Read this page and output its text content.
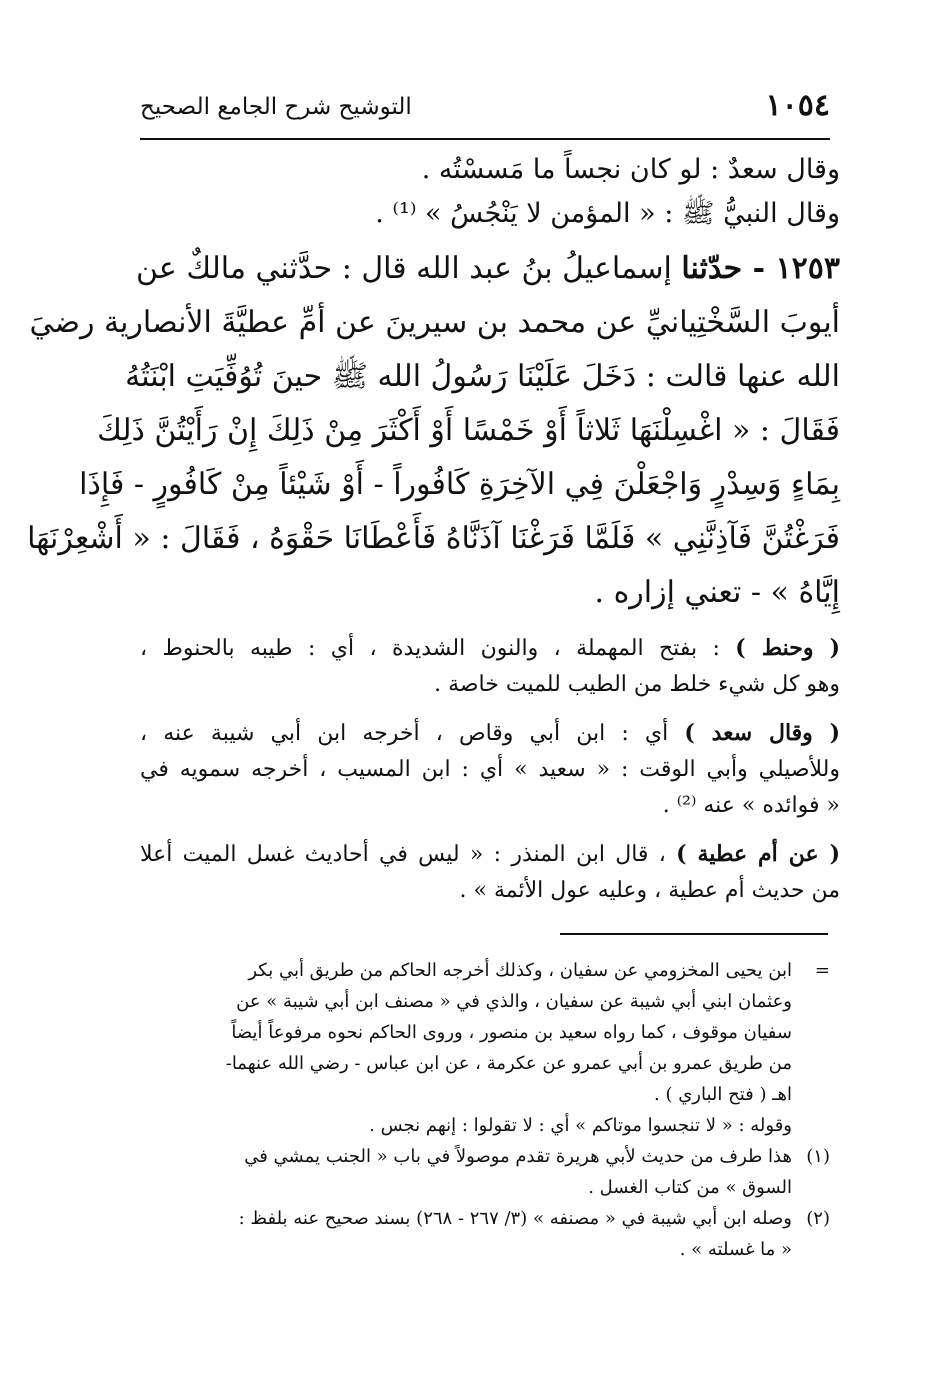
التوشيح شرح الجامع الصحيح	١٠٥٤
وقال سعدٌ : لو كان نجساً ما مَسسْتُه .
وقال النبيُّ ﷺ : « المؤمن لا يَنْجُسُ » ⁽¹⁾ .
١٢٥٣ - حدّثنا إسماعيلُ بنُ عبد الله قال : حدَّثني مالكٌ عن
أيوبَ السَّخْتِيانيِّ عن محمد بن سيرينَ عن أمِّ عطيَّةَ الأنصارية رضيَ
الله عنها قالت : دَخَلَ عَلَيْنَا رَسُولُ الله ﷺ حينَ تُوُفِّيَتِ ابْنَتُهُ
فَقَالَ : « اغْسِلْنَهَا ثَلاثاً أَوْ خَمْسًا أَوْ أَكْثَرَ مِنْ ذَلِكَ إِنْ رَأَيْتُنَّ ذَلِكَ
بِمَاءٍ وَسِدْرٍ وَاجْعَلْنَ فِي الآخِرَةِ كَافُوراً - أَوْ شَيْئاً مِنْ كَافُورٍ - فَإِذَا
فَرَغْتُنَّ فَآذِنَّنِي » فَلَمَّا فَرَغْنَا آذَنَّاهُ فَأَعْطَانَا حَقْوَهُ ، فَقَالَ : « أَشْعِرْنَهَا
إِيَّاهُ » - تعني إزاره .
( وحنط ) : بفتح المهملة ، والنون الشديدة ، أي : طيبه بالحنوط ،
وهو كل شيء خلط من الطيب للميت خاصة .
( وقال سعد ) أي : ابن أبي وقاص ، أخرجه ابن أبي شيبة عنه ،
وللأصيلي وأبي الوقت : « سعيد » أي : ابن المسيب ، أخرجه سمويه في
« فوائده » عنه ⁽²⁾ .
( عن أم عطية ) ، قال ابن المنذر : « ليس في أحاديث غسل الميت أعلا
من حديث أم عطية ، وعليه عول الأئمة » .
=ابن يحيى المخزومي عن سفيان ، وكذلك أخرجه الحاكم من طريق أبي بكر
وعثمان ابني أبي شيبة عن سفيان ، والذي في « مصنف ابن أبي شيبة » عن
سفيان موقوف ، كما رواه سعيد بن منصور ، وروى الحاكم نحوه مرفوعاً أيضاً
من طريق عمرو بن أبي عمرو عن عكرمة ، عن ابن عباس - رضي الله عنهما-
اهـ ( فتح الباري ) .
وقوله : « لا تنجسوا موتاكم » أي : لا تقولوا : إنهم نجس .
(١)هذا طرف من حديث لأبي هريرة تقدم موصولاً في باب « الجنب يمشي في
السوق » من كتاب الغسل .
(٢)وصله ابن أبي شيبة في « مصنفه » (٣/ ٢٦٧ - ٢٦٨) بسند صحيح عنه بلفظ :
« ما غسلته » .
